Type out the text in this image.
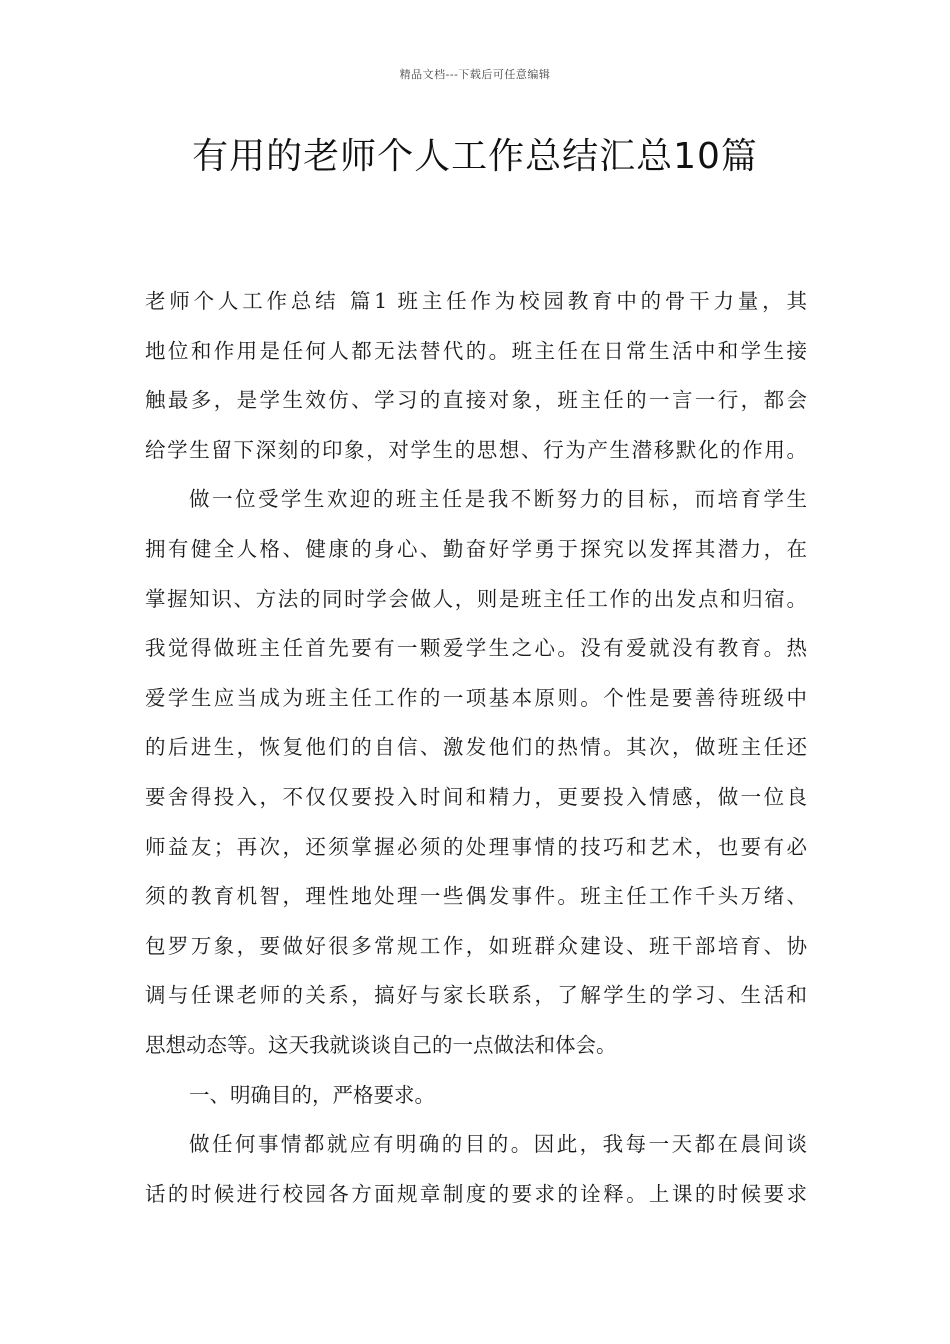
精品文档---下载后可任意编辑
有用的老师个人工作总结汇总10篇
老师个人工作总结 篇1 班主任作为校园教育中的骨干力量，其
地位和作用是任何人都无法替代的。班主任在日常生活中和学生接
触最多，是学生效仿、学习的直接对象，班主任的一言一行，都会
给学生留下深刻的印象，对学生的思想、行为产生潜移默化的作用。
做一位受学生欢迎的班主任是我不断努力的目标，而培育学生
拥有健全人格、健康的身心、勤奋好学勇于探究以发挥其潜力，在
掌握知识、方法的同时学会做人，则是班主任工作的出发点和归宿。
我觉得做班主任首先要有一颗爱学生之心。没有爱就没有教育。热
爱学生应当成为班主任工作的一项基本原则。个性是要善待班级中
的后进生，恢复他们的自信、激发他们的热情。其次，做班主任还
要舍得投入，不仅仅要投入时间和精力，更要投入情感，做一位良
师益友；再次，还须掌握必须的处理事情的技巧和艺术，也要有必
须的教育机智，理性地处理一些偶发事件。班主任工作千头万绪、
包罗万象，要做好很多常规工作，如班群众建设、班干部培育、协
调与任课老师的关系，搞好与家长联系，了解学生的学习、生活和
思想动态等。这天我就谈谈自己的一点做法和体会。
一、明确目的，严格要求。
做任何事情都就应有明确的目的。因此，我每一天都在晨间谈
话的时候进行校园各方面规章制度的要求的诠释。上课的时候要求
